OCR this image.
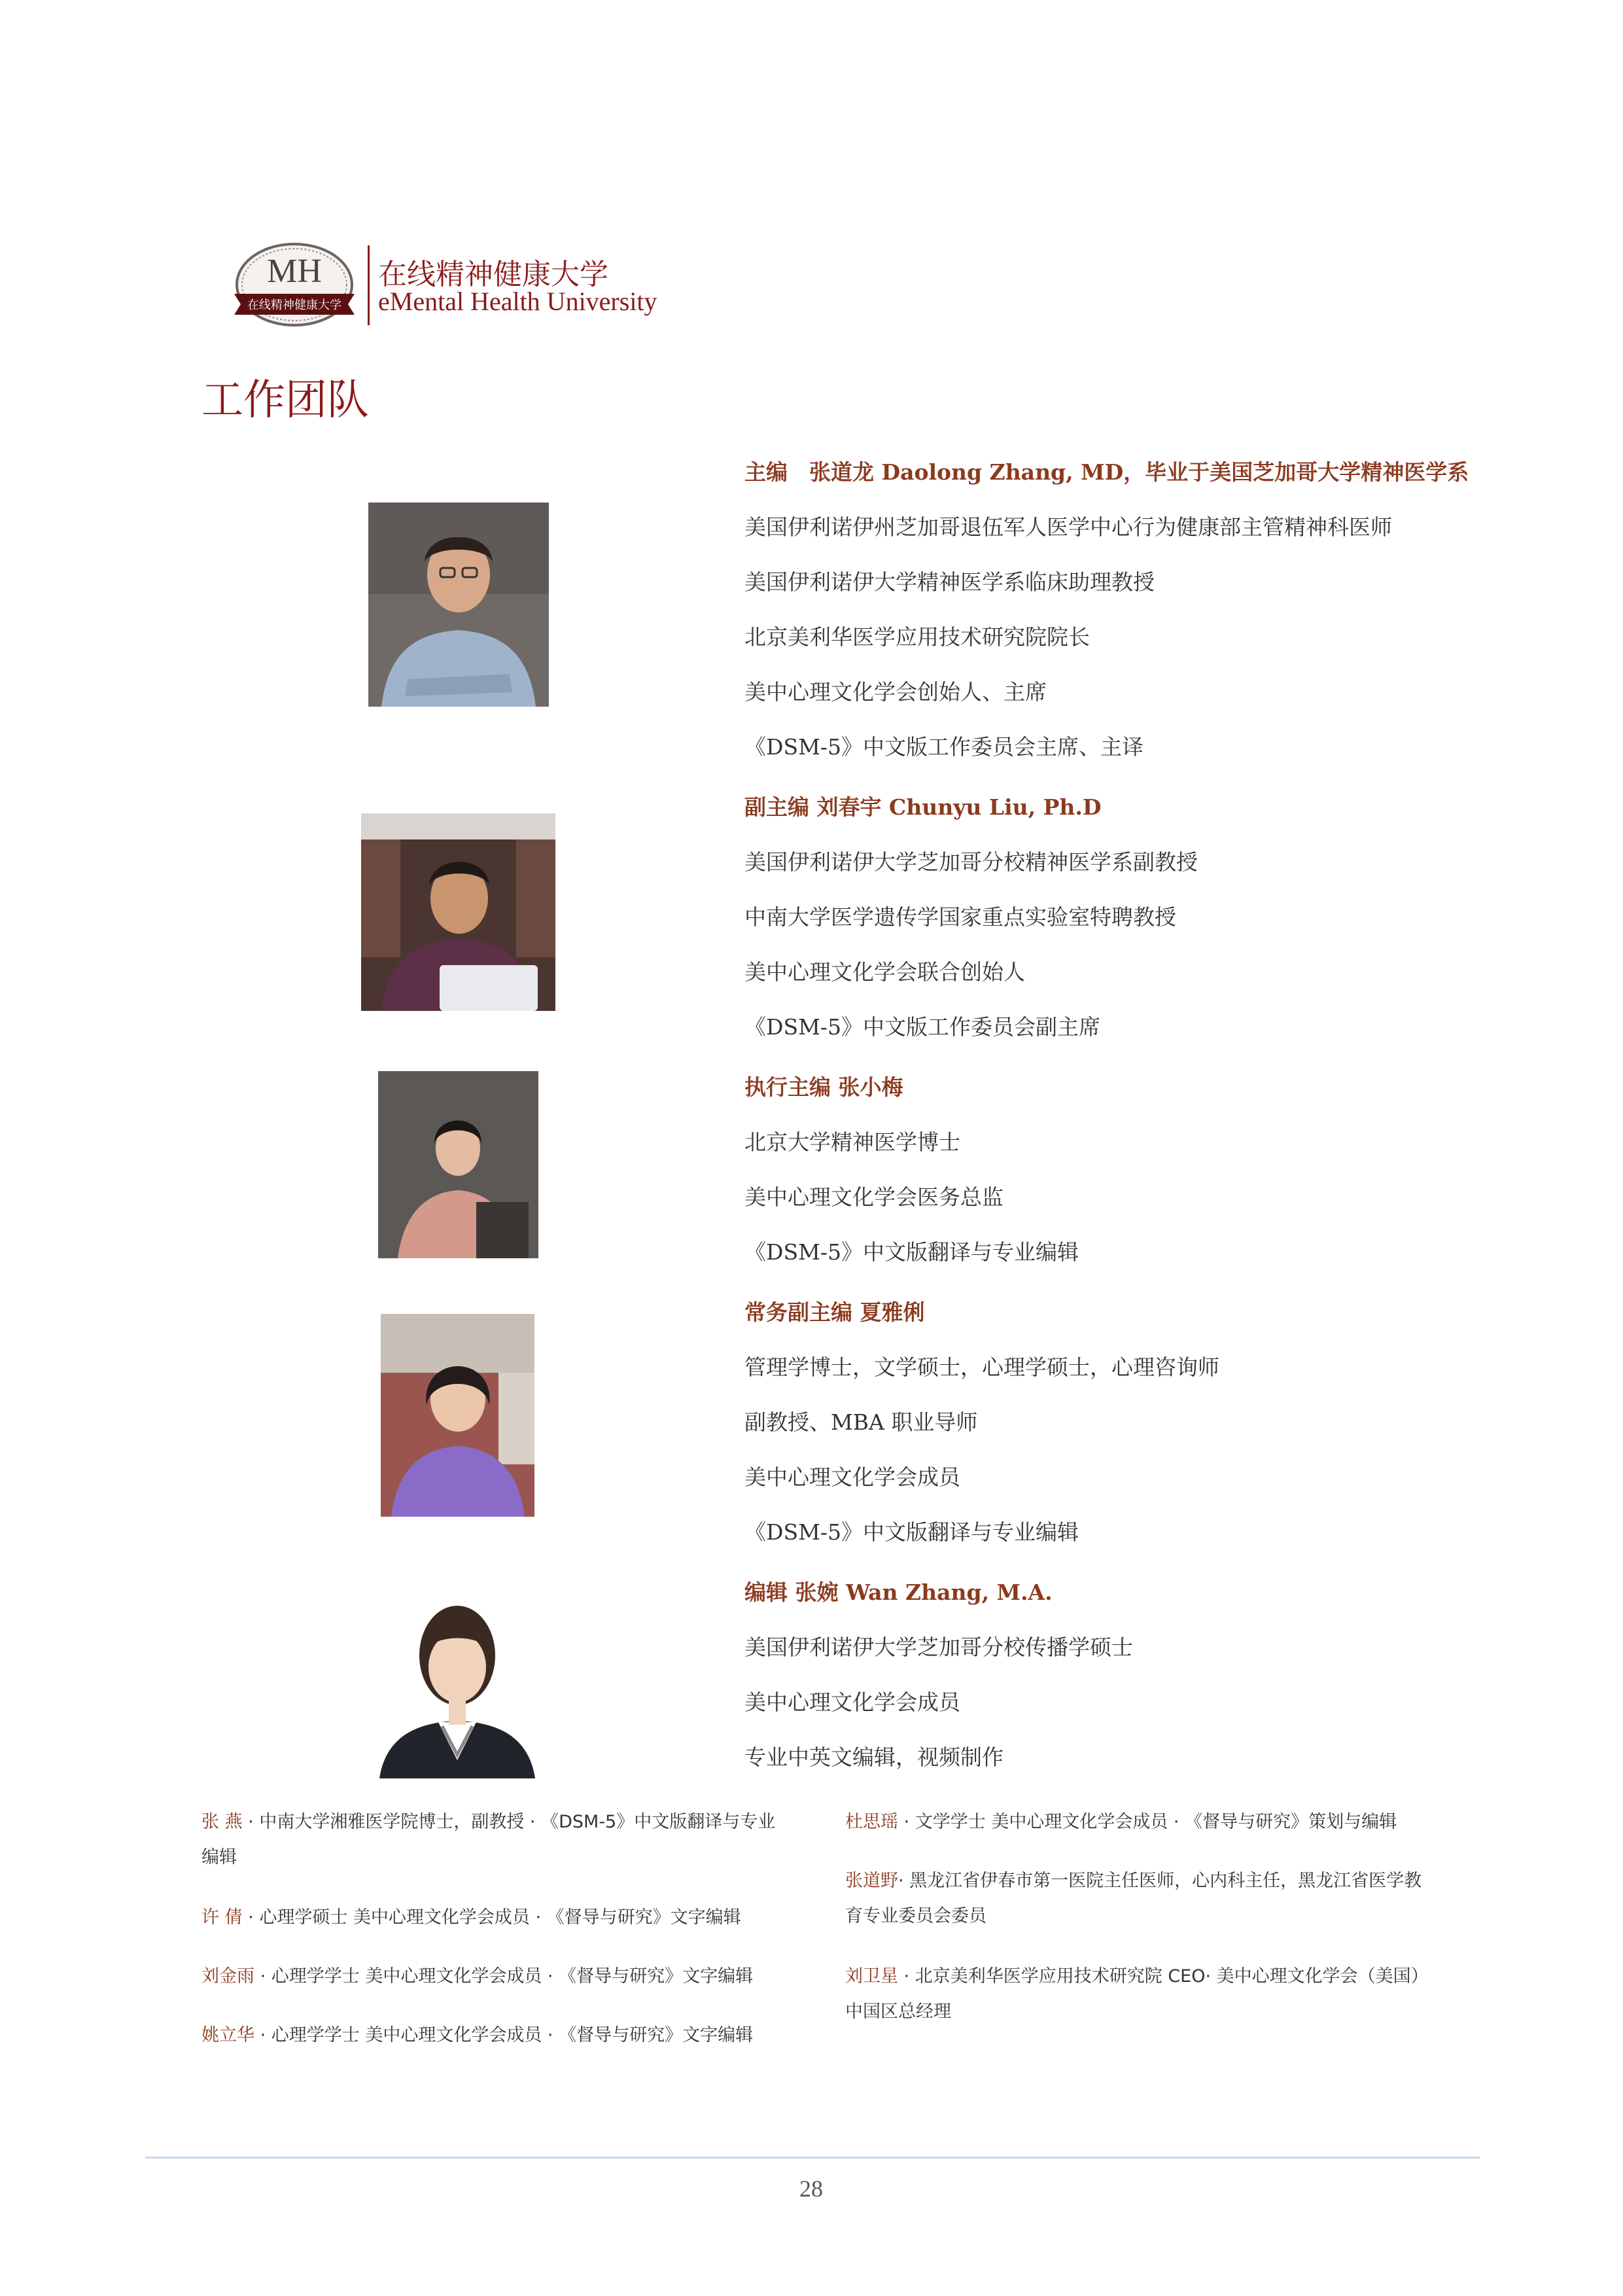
MH
在线精神健康大学
在线精神健康大学
eMental Health University
工作团队
主编　张道龙 Daolong Zhang, MD，毕业于美国芝加哥大学精神医学系
美国伊利诺伊州芝加哥退伍军人医学中心行为健康部主管精神科医师
美国伊利诺伊大学精神医学系临床助理教授
北京美利华医学应用技术研究院院长
美中心理文化学会创始人、主席
《DSM-5》中文版工作委员会主席、主译
副主编 刘春宇 Chunyu Liu, Ph.D
美国伊利诺伊大学芝加哥分校精神医学系副教授
中南大学医学遗传学国家重点实验室特聘教授
美中心理文化学会联合创始人
《DSM-5》中文版工作委员会副主席
执行主编 张小梅
北京大学精神医学博士
美中心理文化学会医务总监
《DSM-5》中文版翻译与专业编辑
常务副主编 夏雅俐
管理学博士，文学硕士，心理学硕士，心理咨询师
副教授、MBA 职业导师
美中心理文化学会成员
《DSM-5》中文版翻译与专业编辑
编辑 张婉 Wan Zhang, M.A.
美国伊利诺伊大学芝加哥分校传播学硕士
美中心理文化学会成员
专业中英文编辑，视频制作
张 燕 · 中南大学湘雅医学院博士，副教授 · 《DSM-5》中文版翻译与专业
编辑
许 倩 · 心理学硕士 美中心理文化学会成员 · 《督导与研究》文字编辑
刘金雨 · 心理学学士 美中心理文化学会成员 · 《督导与研究》文字编辑
姚立华 · 心理学学士 美中心理文化学会成员 · 《督导与研究》文字编辑
杜思瑶 · 文学学士 美中心理文化学会成员 · 《督导与研究》策划与编辑
张道野· 黑龙江省伊春市第一医院主任医师，心内科主任，黑龙江省医学教
育专业委员会委员
刘卫星 · 北京美利华医学应用技术研究院 CEO· 美中心理文化学会（美国）
中国区总经理
28
